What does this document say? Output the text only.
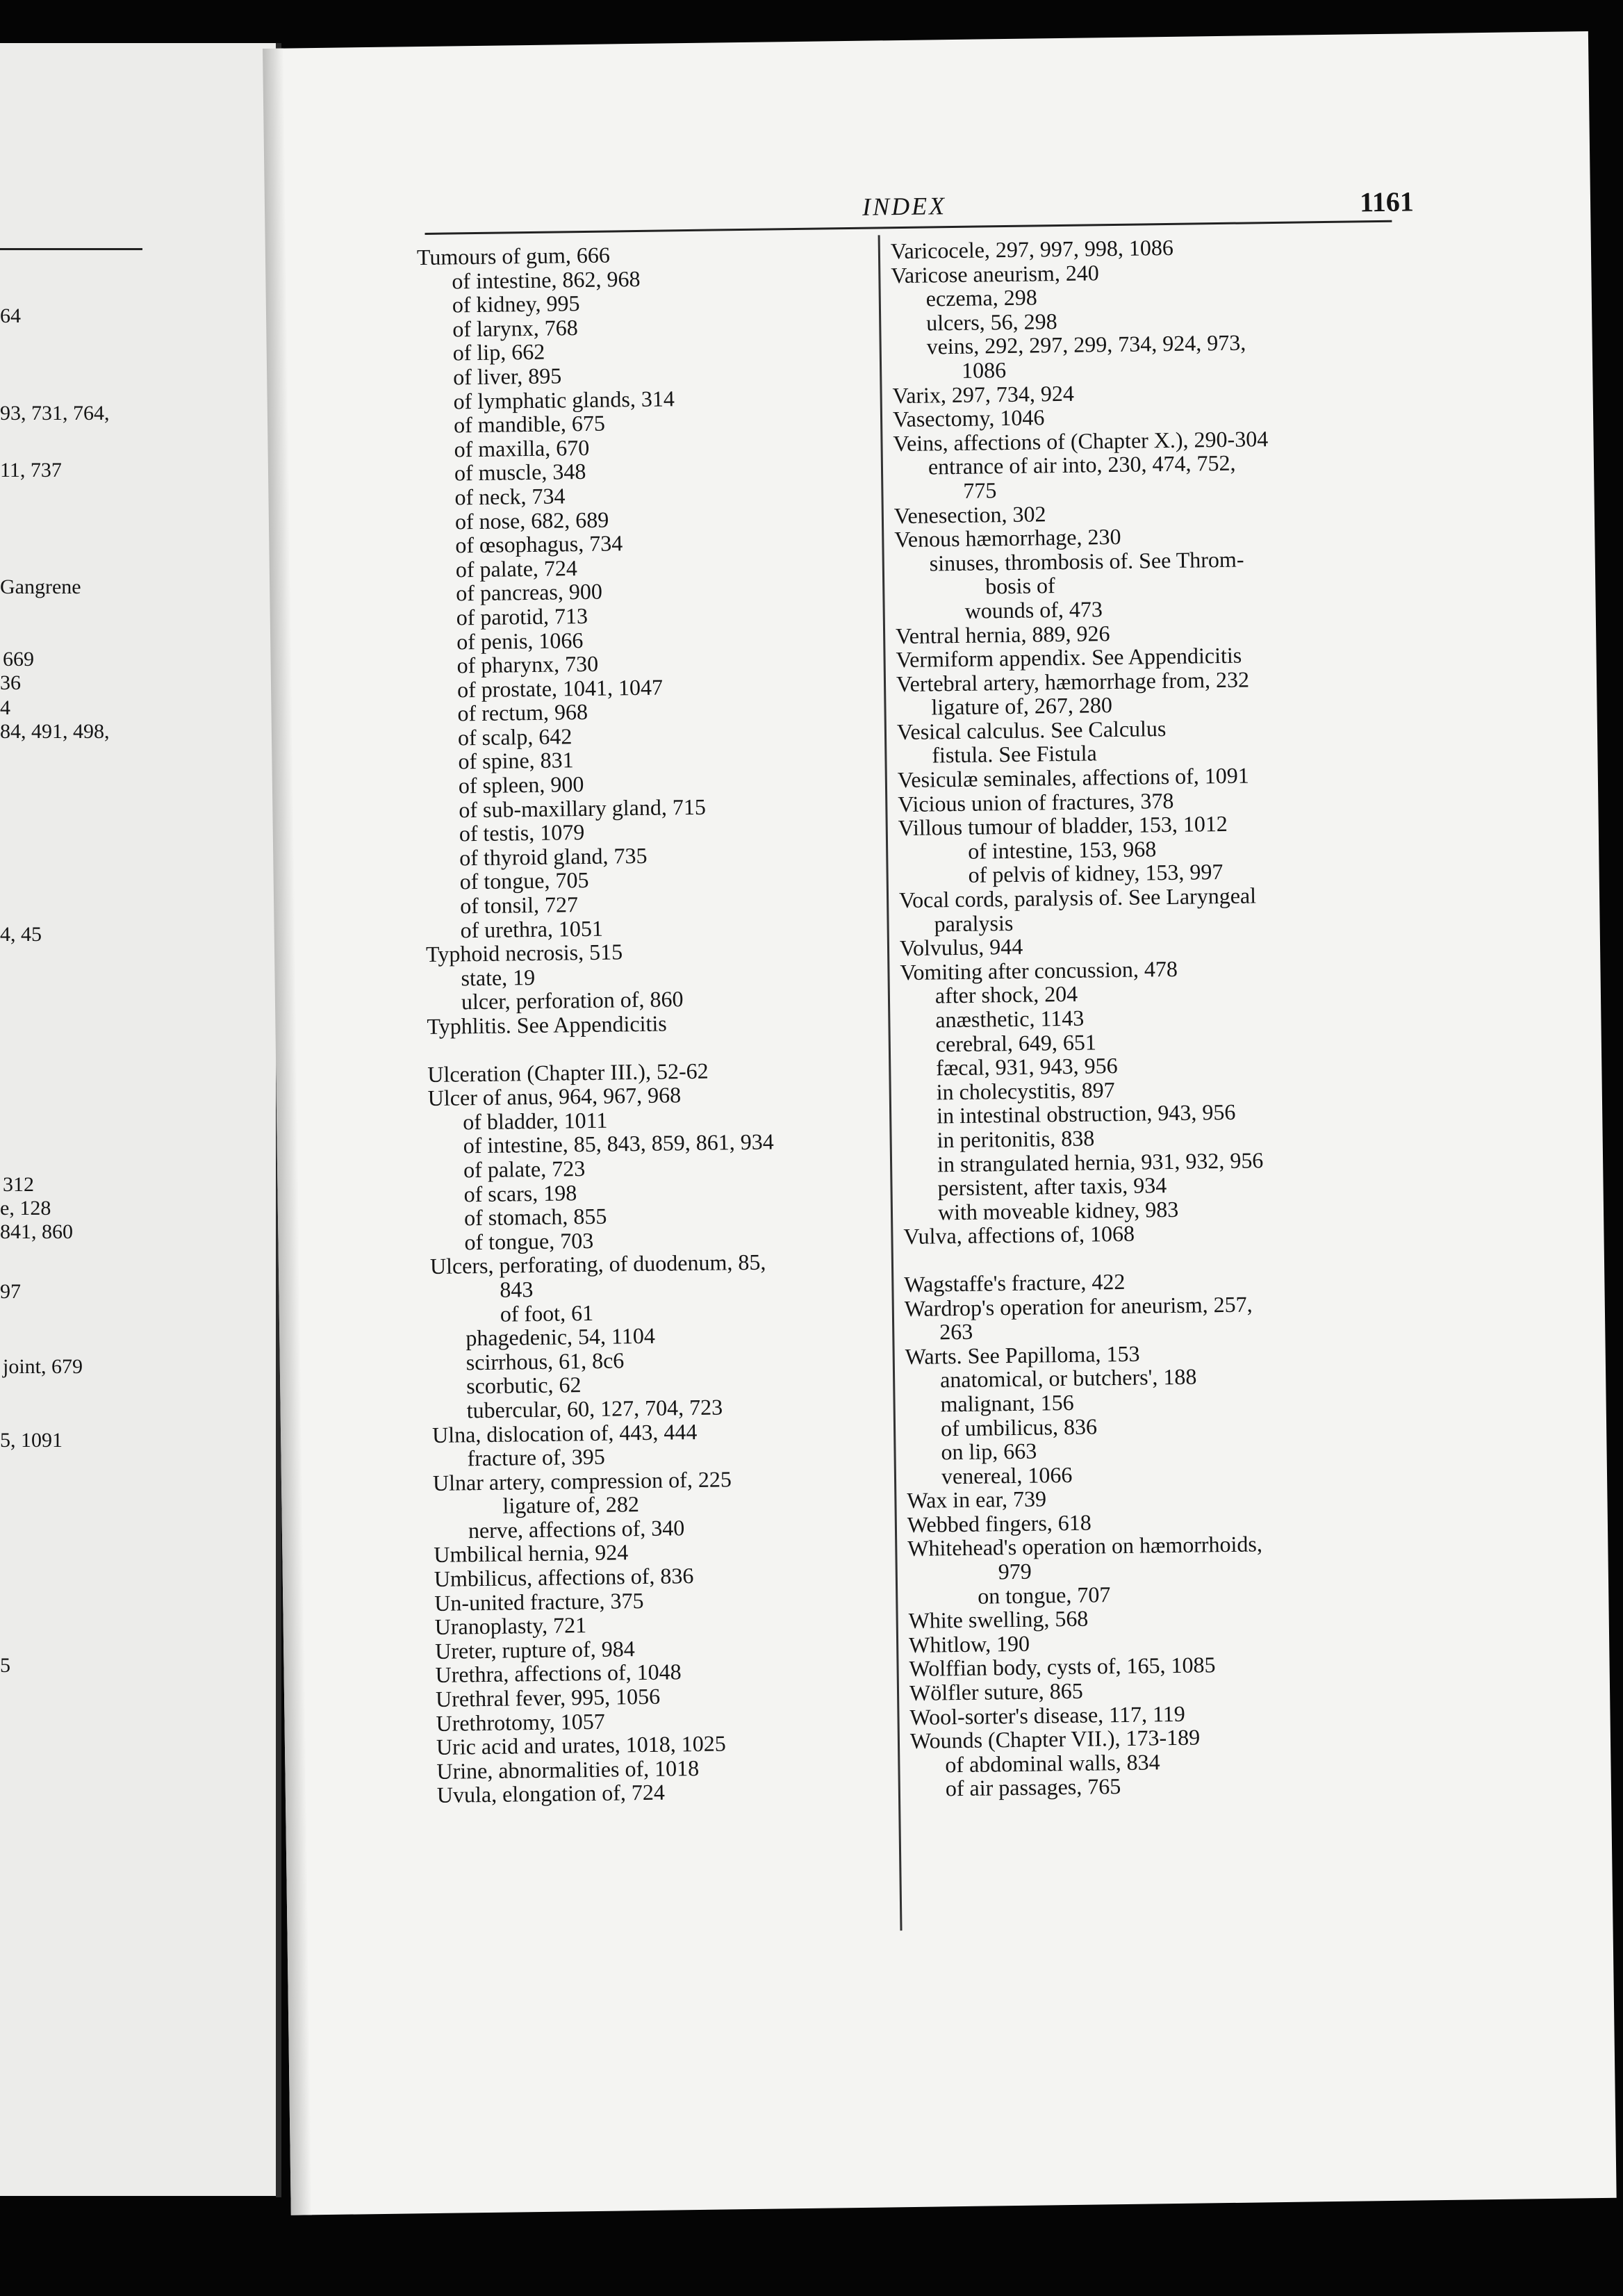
64
93, 731, 764,
11, 737
Gangrene
669
36
4
84, 491, 498,
4, 45
312
e, 128
841, 860
97
joint, 679
5, 1091
5
INDEX	1161
Tumours of gum, 666
of intestine, 862, 968
of kidney, 995
of larynx, 768
of lip, 662
of liver, 895
of lymphatic glands, 314
of mandible, 675
of maxilla, 670
of muscle, 348
of neck, 734
of nose, 682, 689
of œsophagus, 734
of palate, 724
of pancreas, 900
of parotid, 713
of penis, 1066
of pharynx, 730
of prostate, 1041, 1047
of rectum, 968
of scalp, 642
of spine, 831
of spleen, 900
of sub-maxillary gland, 715
of testis, 1079
of thyroid gland, 735
of tongue, 705
of tonsil, 727
of urethra, 1051
Typhoid necrosis, 515
state, 19
ulcer, perforation of, 860
Typhlitis. See Appendicitis
Ulceration (Chapter III.), 52-62
Ulcer of anus, 964, 967, 968
of bladder, 1011
of intestine, 85, 843, 859, 861, 934
of palate, 723
of scars, 198
of stomach, 855
of tongue, 703
Ulcers, perforating, of duodenum, 85,
843
of foot, 61
phagedenic, 54, 1104
scirrhous, 61, 8c6
scorbutic, 62
tubercular, 60, 127, 704, 723
Ulna, dislocation of, 443, 444
fracture of, 395
Ulnar artery, compression of, 225
ligature of, 282
nerve, affections of, 340
Umbilical hernia, 924
Umbilicus, affections of, 836
Un-united fracture, 375
Uranoplasty, 721
Ureter, rupture of, 984
Urethra, affections of, 1048
Urethral fever, 995, 1056
Urethrotomy, 1057
Uric acid and urates, 1018, 1025
Urine, abnormalities of, 1018
Uvula, elongation of, 724
Varicocele, 297, 997, 998, 1086
Varicose aneurism, 240
eczema, 298
ulcers, 56, 298
veins, 292, 297, 299, 734, 924, 973,
1086
Varix, 297, 734, 924
Vasectomy, 1046
Veins, affections of (Chapter X.), 290-304
entrance of air into, 230, 474, 752,
775
Venesection, 302
Venous hæmorrhage, 230
sinuses, thrombosis of. See Throm-
bosis of
wounds of, 473
Ventral hernia, 889, 926
Vermiform appendix. See Appendicitis
Vertebral artery, hæmorrhage from, 232
ligature of, 267, 280
Vesical calculus. See Calculus
fistula. See Fistula
Vesiculæ seminales, affections of, 1091
Vicious union of fractures, 378
Villous tumour of bladder, 153, 1012
of intestine, 153, 968
of pelvis of kidney, 153, 997
Vocal cords, paralysis of. See Laryngeal
paralysis
Volvulus, 944
Vomiting after concussion, 478
after shock, 204
anæsthetic, 1143
cerebral, 649, 651
fæcal, 931, 943, 956
in cholecystitis, 897
in intestinal obstruction, 943, 956
in peritonitis, 838
in strangulated hernia, 931, 932, 956
persistent, after taxis, 934
with moveable kidney, 983
Vulva, affections of, 1068
Wagstaffe's fracture, 422
Wardrop's operation for aneurism, 257,
263
Warts. See Papilloma, 153
anatomical, or butchers', 188
malignant, 156
of umbilicus, 836
on lip, 663
venereal, 1066
Wax in ear, 739
Webbed fingers, 618
Whitehead's operation on hæmorrhoids,
979
on tongue, 707
White swelling, 568
Whitlow, 190
Wolffian body, cysts of, 165, 1085
Wölfler suture, 865
Wool-sorter's disease, 117, 119
Wounds (Chapter VII.), 173-189
of abdominal walls, 834
of air passages, 765
